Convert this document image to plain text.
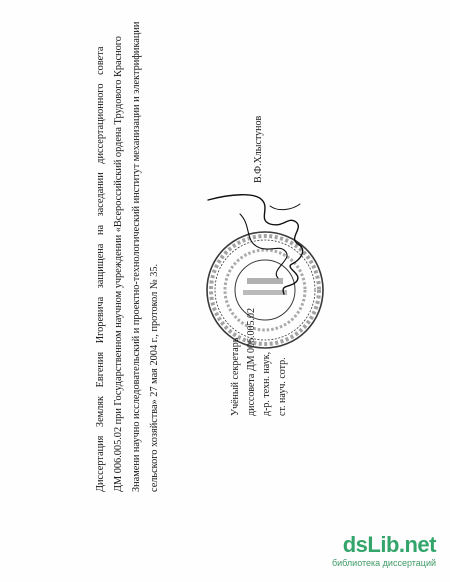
Диссертация Земляк Евгения Игоревича защищена на заседании диссертационного совета ДМ 006.005.02 при Государственном научном учреждении «Всероссийский ордена Трудового Красного Знамени научно исследовательский и проектно-технологический институт механизации и электрификации сельского хозяйства» 27 мая 2004 г., протокол № 35.	Учёный секретарь диссовета ДМ 006.005.02 д-р. техн. наук, ст. науч. сотр.
В.Ф.Хлыстунов
dsLib.net
библиотека диссертаций
